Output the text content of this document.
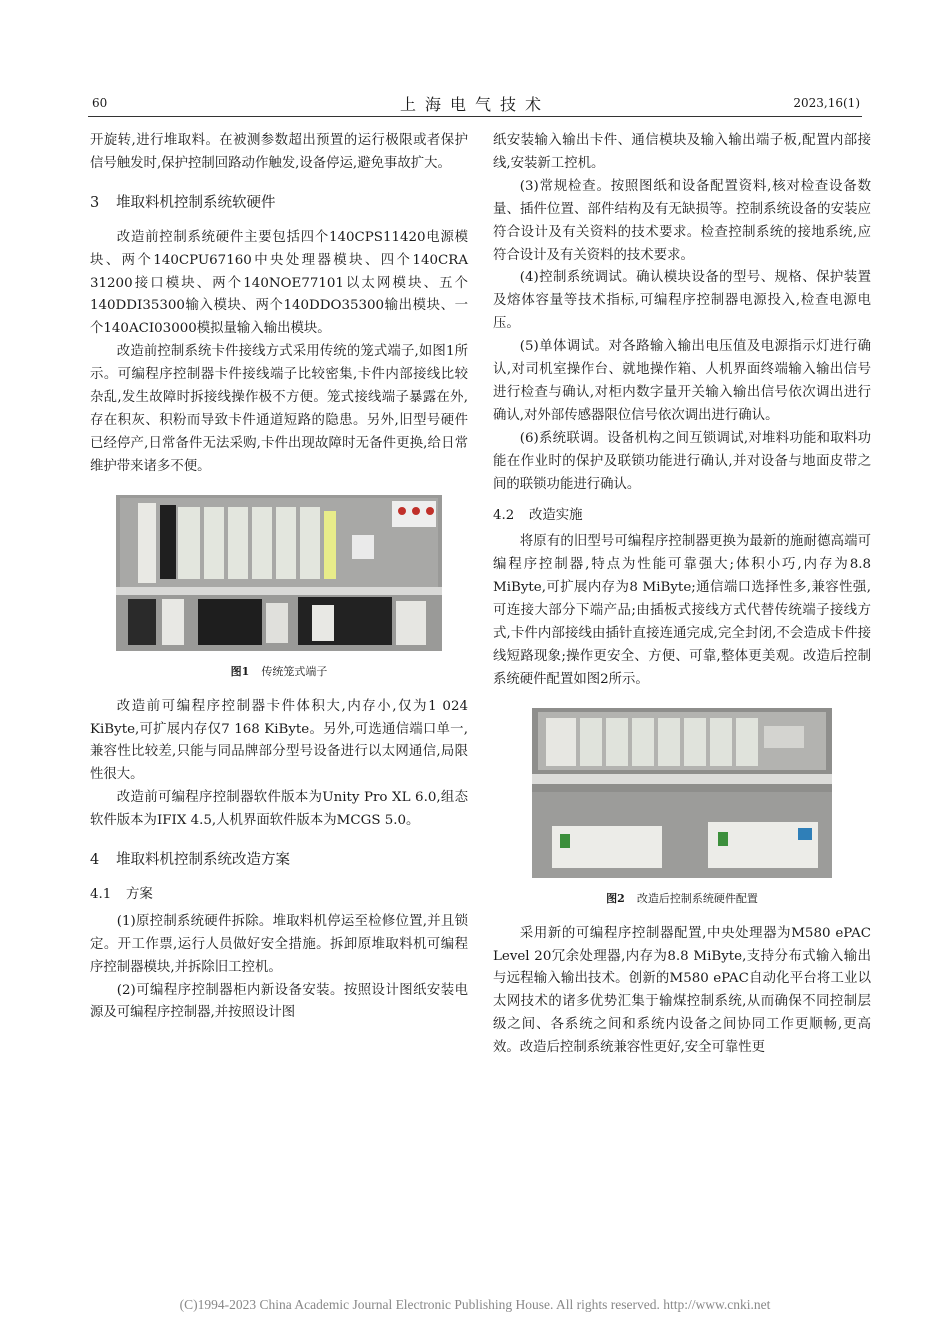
60	上海电气技术	2023,16(1)

开旋转,进行堆取料。在被测参数超出预置的运行极限或者保护信号触发时,保护控制回路动作触发,设备停运,避免事故扩大。

3 堆取料机控制系统软硬件

改造前控制系统硬件主要包括四个140CPS11420电源模块、两个140CPU67160中央处理器模块、四个140CRA 31200接口模块、两个140NOE77101以太网模块、五个140DDI35300输入模块、两个140DDO35300输出模块、一个140ACI03000模拟量输入输出模块。

改造前控制系统卡件接线方式采用传统的笼式端子,如图1所示。可编程序控制器卡件接线端子比较密集,卡件内部接线比较杂乱,发生故障时拆接线操作极不方便。笼式接线端子暴露在外,存在积灰、积粉而导致卡件通道短路的隐患。另外,旧型号硬件已经停产,日常备件无法采购,卡件出现故障时无备件更换,给日常维护带来诸多不便。

图1 传统笼式端子

改造前可编程序控制器卡件体积大,内存小,仅为1 024 KiByte,可扩展内存仅7 168 KiByte。另外,可选通信端口单一,兼容性比较差,只能与同品牌部分型号设备进行以太网通信,局限性很大。

改造前可编程序控制器软件版本为Unity Pro XL 6.0,组态软件版本为IFIX 4.5,人机界面软件版本为MCGS 5.0。

4 堆取料机控制系统改造方案
4.1 方案

(1)原控制系统硬件拆除。堆取料机停运至检修位置,并且锁定。开工作票,运行人员做好安全措施。拆卸原堆取料机可编程序控制器模块,并拆除旧工控机。

(2)可编程序控制器柜内新设备安装。按照设计图纸安装电源及可编程序控制器,并按照设计图

纸安装输入输出卡件、通信模块及输入输出端子板,配置内部接线,安装新工控机。

(3)常规检查。按照图纸和设备配置资料,核对检查设备数量、插件位置、部件结构及有无缺损等。控制系统设备的安装应符合设计及有关资料的技术要求。检查控制系统的接地系统,应符合设计及有关资料的技术要求。

(4)控制系统调试。确认模块设备的型号、规格、保护装置及熔体容量等技术指标,可编程序控制器电源投入,检查电源电压。

(5)单体调试。对各路输入输出电压值及电源指示灯进行确认,对司机室操作台、就地操作箱、人机界面终端输入输出信号进行检查与确认,对柜内数字量开关输入输出信号依次调出进行确认,对外部传感器限位信号依次调出进行确认。

(6)系统联调。设备机构之间互锁调试,对堆料功能和取料功能在作业时的保护及联锁功能进行确认,并对设备与地面皮带之间的联锁功能进行确认。

4.2 改造实施

将原有的旧型号可编程序控制器更换为最新的施耐德高端可编程序控制器,特点为性能可靠强大;体积小巧,内存为8.8 MiByte,可扩展内存为8 MiByte;通信端口选择性多,兼容性强,可连接大部分下端产品;由插板式接线方式代替传统端子接线方式,卡件内部接线由插针直接连通完成,完全封闭,不会造成卡件接线短路现象;操作更安全、方便、可靠,整体更美观。改造后控制系统硬件配置如图2所示。

图2 改造后控制系统硬件配置

采用新的可编程序控制器配置,中央处理器为M580 ePAC Level 20冗余处理器,内存为8.8 MiByte,支持分布式输入输出与远程输入输出技术。创新的M580 ePAC自动化平台将工业以太网技术的诸多优势汇集于输煤控制系统,从而确保不同控制层级之间、各系统之间和系统内设备之间协同工作更顺畅,更高效。改造后控制系统兼容性更好,安全可靠性更

(C)1994-2023 China Academic Journal Electronic Publishing House. All rights reserved. http://www.cnki.net
